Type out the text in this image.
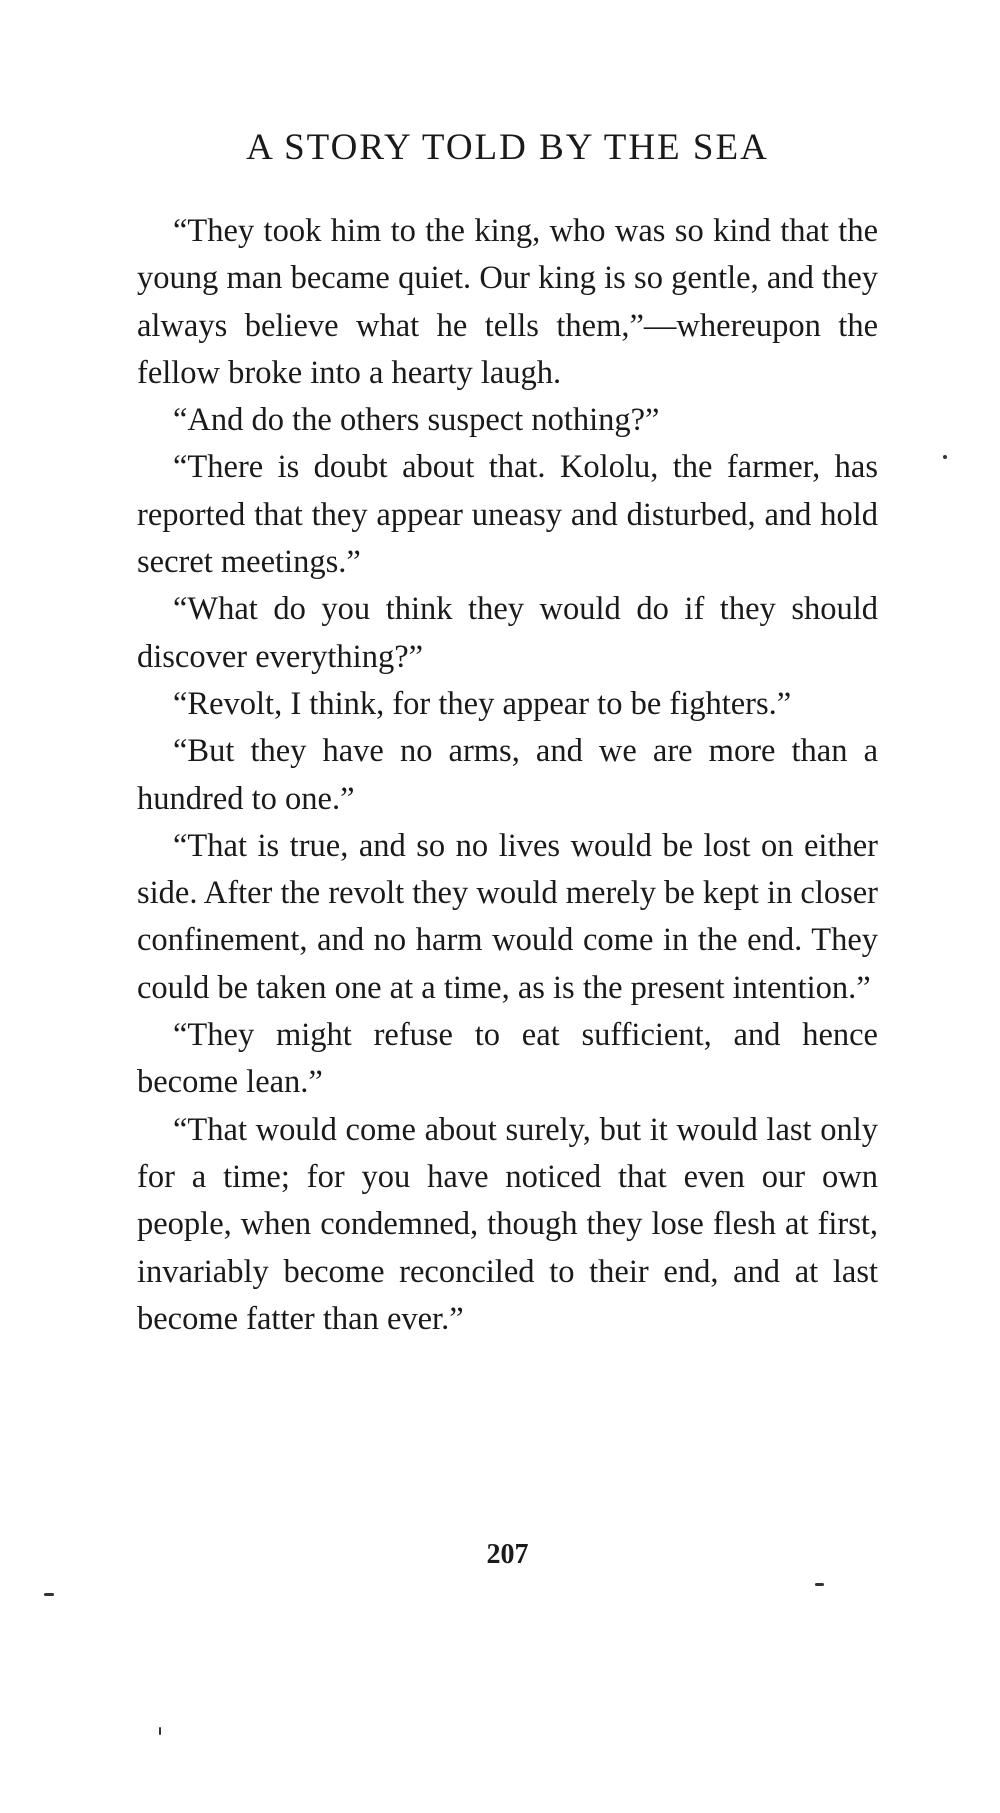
A STORY TOLD BY THE SEA

“They took him to the king, who was so kind that the young man became quiet. Our king is so gentle, and they always believe what he tells them,”—whereupon the fellow broke into a hearty laugh.

“And do the others suspect nothing?”

“There is doubt about that. Kololu, the farmer, has reported that they appear uneasy and disturbed, and hold secret meetings.”

“What do you think they would do if they should discover everything?”

“Revolt, I think, for they appear to be fighters.”

“But they have no arms, and we are more than a hundred to one.”

“That is true, and so no lives would be lost on either side. After the revolt they would merely be kept in closer confinement, and no harm would come in the end. They could be taken one at a time, as is the present intention.”

“They might refuse to eat sufficient, and hence become lean.”

“That would come about surely, but it would last only for a time; for you have noticed that even our own people, when condemned, though they lose flesh at first, invariably become reconciled to their end, and at last become fatter than ever.”

207
